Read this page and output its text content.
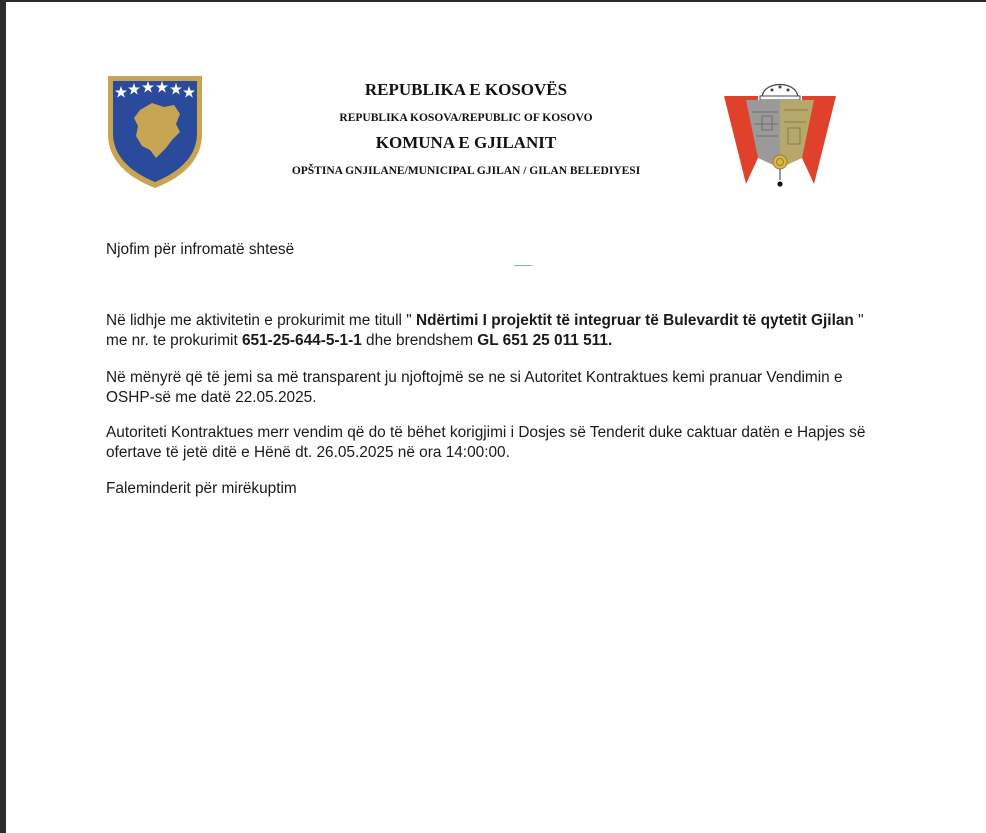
REPUBLIKA E KOSOVËS
REPUBLIKA KOSOVA/REPUBLIC OF KOSOVO
KOMUNA E GJILANIT
OPŠTINA GNJILANE/MUNICIPAL GJILAN / GILAN BELEDIYESI
Njofim për infromatë shtesë
Në lidhje me aktivitetin e prokurimit me titull " Ndërtimi I projektit të integruar të Bulevardit të qytetit Gjilan " me nr. te prokurimit 651-25-644-5-1-1 dhe brendshem GL 651 25 011 511.
Në mënyrë që të jemi sa më transparent ju njoftojmë se ne si Autoritet Kontraktues kemi pranuar Vendimin e OSHP-së me datë 22.05.2025.
Autoriteti Kontraktues merr vendim që do të bëhet korigjimi i Dosjes së Tenderit duke caktuar datën e Hapjes së ofertave të jetë ditë e Hënë dt. 26.05.2025 në ora 14:00:00.
Faleminderit për mirëkuptim
